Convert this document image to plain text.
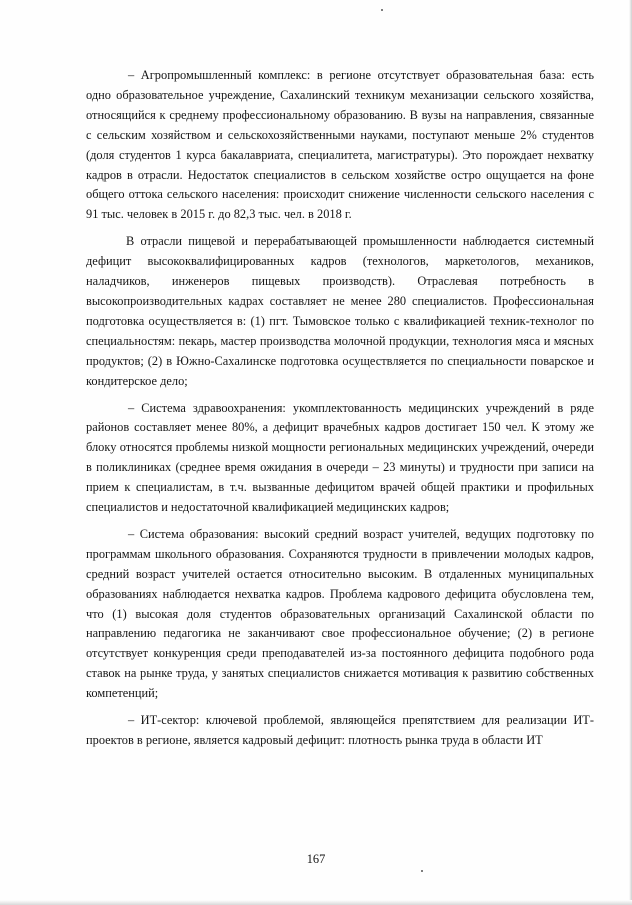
– Агропромышленный комплекс: в регионе отсутствует образовательная база: есть одно образовательное учреждение, Сахалинский техникум механизации сельского хозяйства, относящийся к среднему профессиональному образованию. В вузы на направления, связанные с сельским хозяйством и сельскохозяйственными науками, поступают меньше 2% студентов (доля студентов 1 курса бакалавриата, специалитета, магистратуры). Это порождает нехватку кадров в отрасли. Недостаток специалистов в сельском хозяйстве остро ощущается на фоне общего оттока сельского населения: происходит снижение численности сельского населения с 91 тыс. человек в 2015 г. до 82,3 тыс. чел. в 2018 г.

В отрасли пищевой и перерабатывающей промышленности наблюдается системный дефицит высококвалифицированных кадров (технологов, маркетологов, механиков, наладчиков, инженеров пищевых производств). Отраслевая потребность в высокопроизводительных кадрах составляет не менее 280 специалистов. Профессиональная подготовка осуществляется в: (1) пгт. Тымовское только с квалификацией техник-технолог по специальностям: пекарь, мастер производства молочной продукции, технология мяса и мясных продуктов; (2) в Южно-Сахалинске подготовка осуществляется по специальности поварское и кондитерское дело;

– Система здравоохранения: укомплектованность медицинских учреждений в ряде районов составляет менее 80%, а дефицит врачебных кадров достигает 150 чел. К этому же блоку относятся проблемы низкой мощности региональных медицинских учреждений, очереди в поликлиниках (среднее время ожидания в очереди – 23 минуты) и трудности при записи на прием к специалистам, в т.ч. вызванные дефицитом врачей общей практики и профильных специалистов и недостаточной квалификацией медицинских кадров;

– Система образования: высокий средний возраст учителей, ведущих подготовку по программам школьного образования. Сохраняются трудности в привлечении молодых кадров, средний возраст учителей остается относительно высоким. В отдаленных муниципальных образованиях наблюдается нехватка кадров. Проблема кадрового дефицита обусловлена тем, что (1) высокая доля студентов образовательных организаций Сахалинской области по направлению педагогика не заканчивают свое профессиональное обучение; (2) в регионе отсутствует конкуренция среди преподавателей из-за постоянного дефицита подобного рода ставок на рынке труда, у занятых специалистов снижается мотивация к развитию собственных компетенций;

– ИТ-сектор: ключевой проблемой, являющейся препятствием для реализации ИТ-проектов в регионе, является кадровый дефицит: плотность рынка труда в области ИТ

167
